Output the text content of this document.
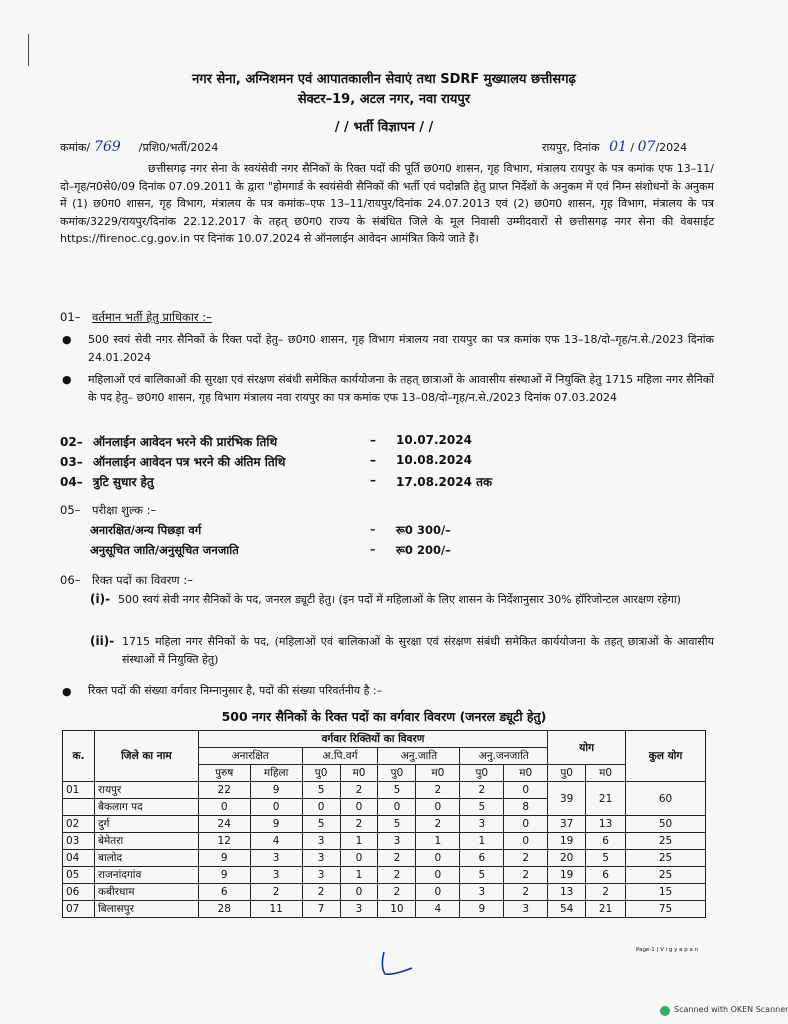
नगर सेना, अग्निशमन एवं आपातकालीन सेवाएं तथा SDRF मुख्यालय छत्तीसगढ़
सेक्टर–19, अटल नगर, नवा रायपुर
/ / भर्ती विज्ञापन / /
कमांक/ 769 /प्रशि0/भर्ती/2024	रायपुर, दिनांक 01 / 07/2024
छत्तीसगढ़ नगर सेना के स्वयंसेवी नगर सैनिकों के रिक्त पदों की पूर्ति छ0ग0 शासन, गृह विभाग, मंत्रालय रायपुर के पत्र कमांक एफ 13–11/दो–गृह/न0से0/09 दिनांक 07.09.2011 के द्वारा "होमगार्ड के स्वयंसेवी सैनिकों की भर्ती एवं पदोन्नति हेतु प्राप्त निर्देशों के अनुकम में एवं निम्न संशोधनों के अनुकम में (1) छ0ग0 शासन, गृह विभाग, मंत्रालय के पत्र कमांक–एफ 13–11/रायपुर/दिनांक 24.07.2013 एवं (2) छ0ग0 शासन, गृह विभाग, मंत्रालय के पत्र कमांक/3229/रायपुर/दिनांक 22.12.2017 के तहत् छ0ग0 राज्य के संबंधित जिले के मूल निवासी उम्मीदवारों से छत्तीसगढ़ नगर सेना की वेबसाईट https://firenoc.cg.gov.in पर दिनांक 10.07.2024 से ऑनलाईन आवेदन आमंत्रित किये जाते हैं।
01– वर्तमान भर्ती हेतु प्राधिकार :–
● 500 स्वयं सेवी नगर सैनिकों के रिक्त पदों हेतु– छ0ग0 शासन, गृह विभाग मंत्रालय नवा रायपुर का पत्र कमांक एफ 13–18/दो–गृह/न.से./2023 दिनांक 24.01.2024
● महिलाओं एवं बालिकाओं की सुरक्षा एवं संरक्षण संबंधी समेकित कार्ययोजना के तहत् छात्राओं के आवासीय संस्थाओं में नियुक्ति हेतु 1715 महिला नगर सैनिकों के पद हेतु– छ0ग0 शासन, गृह विभाग मंत्रालय नवा रायपुर का पत्र कमांक एफ 13–08/दो–गृह/न.से./2023 दिनांक 07.03.2024
02– ऑनलाईन आवेदन भरने की प्रारंभिक तिथि	– 10.07.2024
03– ऑनलाईन आवेदन पत्र भरने की अंतिम तिथि	– 10.08.2024
04– त्रुटि सुधार हेतु	– 17.08.2024 तक
05– परीक्षा शुल्क :–
अनारक्षित/अन्य पिछड़ा वर्ग	– रू0 300/–
अनुसूचित जाति/अनुसूचित जनजाति	– रू0 200/–
06– रिक्त पदों का विवरण :–
(i)- 500 स्वयं सेवी नगर सैनिकों के पद, जनरल ड्यूटी हेतु। (इन पदों में महिलाओं के लिए शासन के निर्देशानुसार 30% हॉरिजोन्टल आरक्षण रहेगा)
(ii)- 1715 महिला नगर सैनिकों के पद, (महिलाओं एवं बालिकाओं के सुरक्षा एवं संरक्षण संबंधी समेकित कार्ययोजना के तहत् छात्राओं के आवासीय संस्थाओं में नियुक्ति हेतु)
● रिक्त पदों की संख्या वर्गवार निम्नानुसार है, पदों की संख्या परिवर्तनीय है :–
500 नगर सैनिकों के रिक्त पदों का वर्गवार विवरण (जनरल ड्यूटी हेतु)
क.	जिले का नाम	वर्गवार रिक्तियों का विवरण								योग		कुल योग
		अनारक्षित		अ.पि.वर्ग		अनु.जाति		अनु.जनजाति				
		पुरुष	महिला	पु0	म0	पु0	म0	पु0	म0	पु0	म0	
01	रायपुर	22	9	5	2	5	2	2	0	39	21	60
	बैकलाग पद	0	0	0	0	0	0	5	8			
02	दुर्ग	24	9	5	2	5	2	3	0	37	13	50
03	बेमेतरा	12	4	3	1	3	1	1	0	19	6	25
04	बालोद	9	3	3	0	2	0	6	2	20	5	25
05	राजनांदगांव	9	3	3	1	2	0	5	2	19	6	25
06	कबीरधाम	6	2	2	0	2	0	3	2	13	2	15
07	बिलासपुर	28	11	7	3	10	4	9	3	54	21	75
Page-1 | V i g y a p a n
Scanned with OKEN Scanner
